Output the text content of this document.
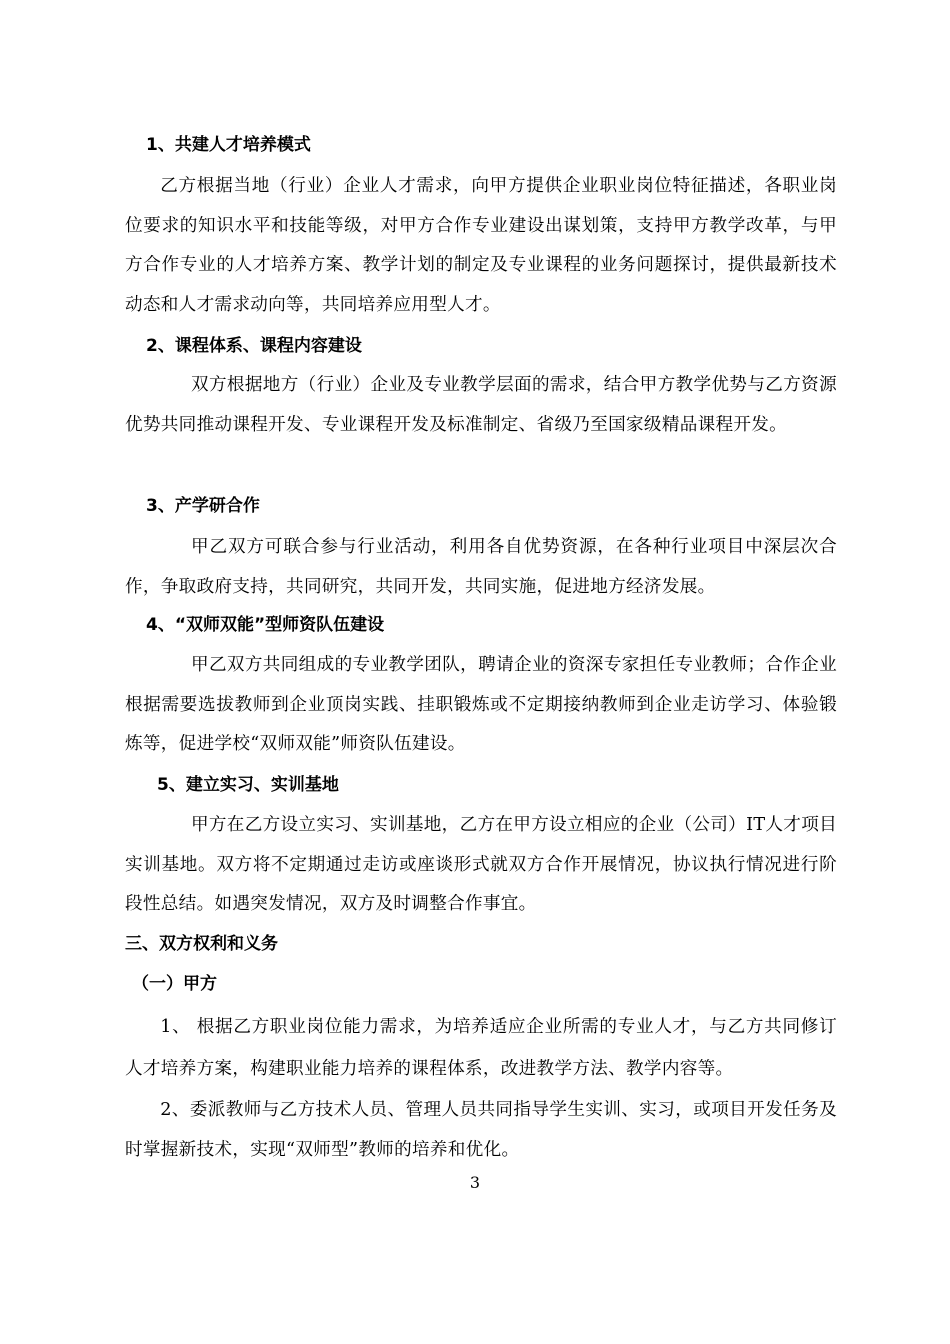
1、共建人才培养模式

乙方根据当地（行业）企业人才需求，向甲方提供企业职业岗位特征描述，各职业岗位要求的知识水平和技能等级，对甲方合作专业建设出谋划策，支持甲方教学改革，与甲方合作专业的人才培养方案、教学计划的制定及专业课程的业务问题探讨，提供最新技术动态和人才需求动向等，共同培养应用型人才。

2、课程体系、课程内容建设

双方根据地方（行业）企业及专业教学层面的需求，结合甲方教学优势与乙方资源优势共同推动课程开发、专业课程开发及标准制定、省级乃至国家级精品课程开发。

3、产学研合作

甲乙双方可联合参与行业活动，利用各自优势资源，在各种行业项目中深层次合作，争取政府支持，共同研究，共同开发，共同实施，促进地方经济发展。

4、“双师双能”型师资队伍建设

甲乙双方共同组成的专业教学团队，聘请企业的资深专家担任专业教师；合作企业根据需要选拔教师到企业顶岗实践、挂职锻炼或不定期接纳教师到企业走访学习、体验锻炼等，促进学校“双师双能”师资队伍建设。

5、建立实习、实训基地

甲方在乙方设立实习、实训基地，乙方在甲方设立相应的企业（公司）IT人才项目实训基地。双方将不定期通过走访或座谈形式就双方合作开展情况，协议执行情况进行阶段性总结。如遇突发情况，双方及时调整合作事宜。

三、双方权利和义务
（一）甲方

1、 根据乙方职业岗位能力需求，为培养适应企业所需的专业人才，与乙方共同修订人才培养方案，构建职业能力培养的课程体系，改进教学方法、教学内容等。

2、委派教师与乙方技术人员、管理人员共同指导学生实训、实习，或项目开发任务及时掌握新技术，实现“双师型”教师的培养和优化。

3
